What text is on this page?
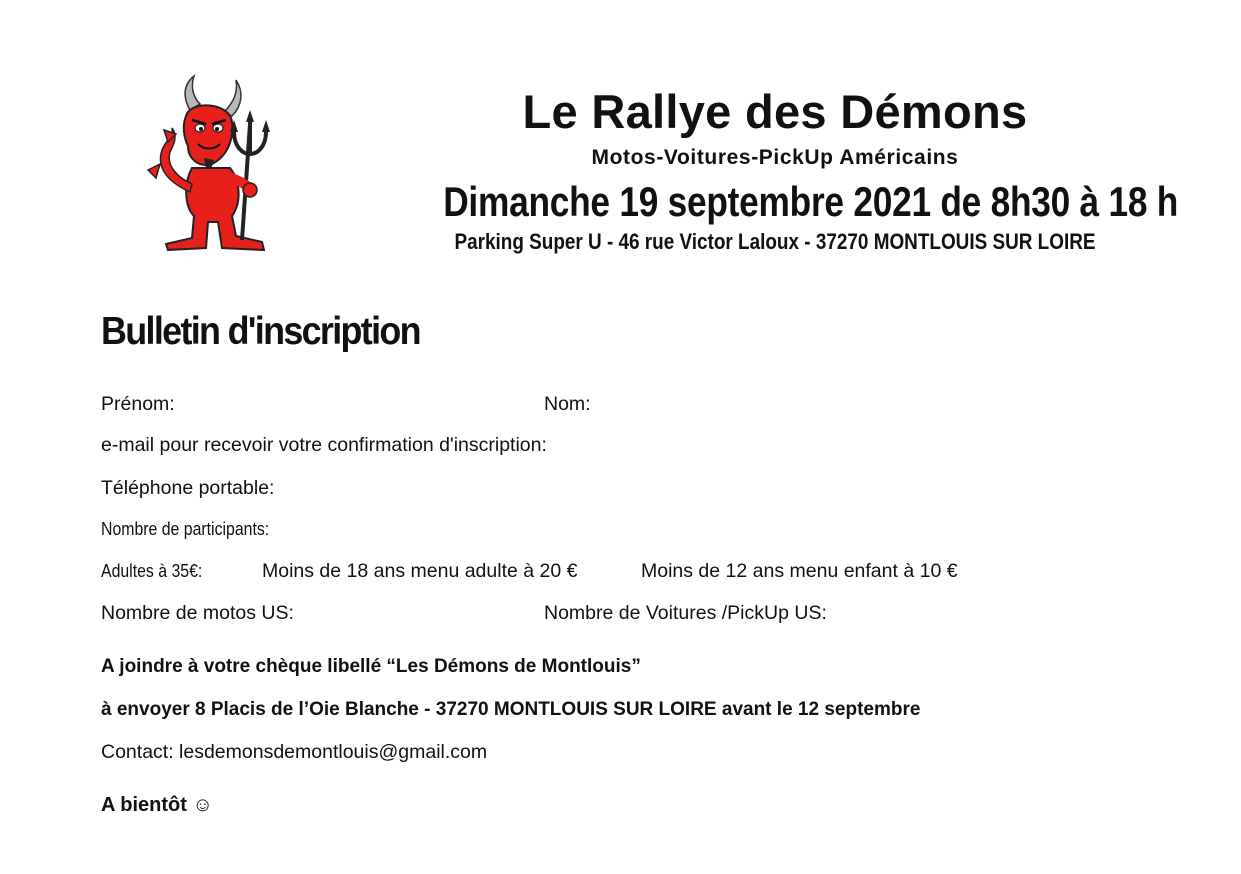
Le Rallye des Démons
Motos-Voitures-PickUp Américains
Dimanche 19 septembre 2021 de 8h30 à 18 h
Parking Super U - 46 rue Victor Laloux - 37270 MONTLOUIS SUR LOIRE
Bulletin d'inscription
Prénom:	Nom:
e-mail pour recevoir votre confirmation d'inscription:
Téléphone portable:
Nombre de participants:
Adultes à 35€:	Moins de 18 ans menu adulte à 20 €	Moins de 12 ans menu enfant à 10 €
Nombre de motos US:	Nombre de Voitures /PickUp US:
A joindre à votre chèque libellé “Les Démons de Montlouis”
à envoyer 8 Placis de l’Oie Blanche - 37270 MONTLOUIS SUR LOIRE avant le 12 septembre
Contact: lesdemonsdemontlouis@gmail.com
A bientôt ☺
